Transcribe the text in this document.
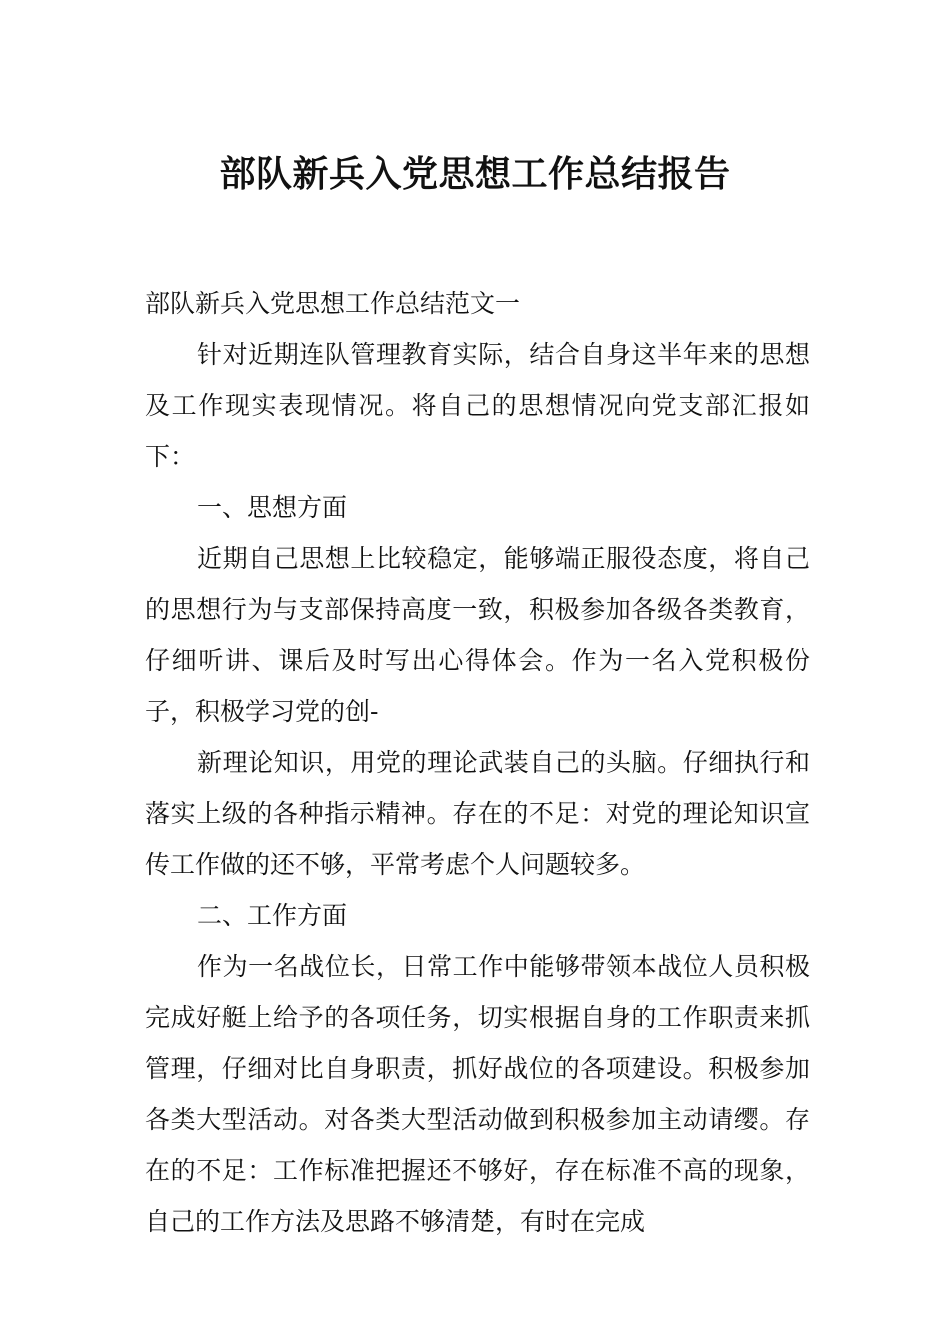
部队新兵入党思想工作总结报告

部队新兵入党思想工作总结范文一

针对近期连队管理教育实际，结合自身这半年来的思想及工作现实表现情况。将自己的思想情况向党支部汇报如下：

一、思想方面

近期自己思想上比较稳定，能够端正服役态度，将自己的思想行为与支部保持高度一致，积极参加各级各类教育，仔细听讲、课后及时写出心得体会。作为一名入党积极份子，积极学习党的创-

新理论知识，用党的理论武装自己的头脑。仔细执行和落实上级的各种指示精神。存在的不足：对党的理论知识宣传工作做的还不够，平常考虑个人问题较多。

二、工作方面

作为一名战位长，日常工作中能够带领本战位人员积极完成好艇上给予的各项任务，切实根据自身的工作职责来抓管理，仔细对比自身职责，抓好战位的各项建设。积极参加各类大型活动。对各类大型活动做到积极参加主动请缨。存在的不足：工作标准把握还不够好，存在标准不高的现象，自己的工作方法及思路不够清楚，有时在完成
